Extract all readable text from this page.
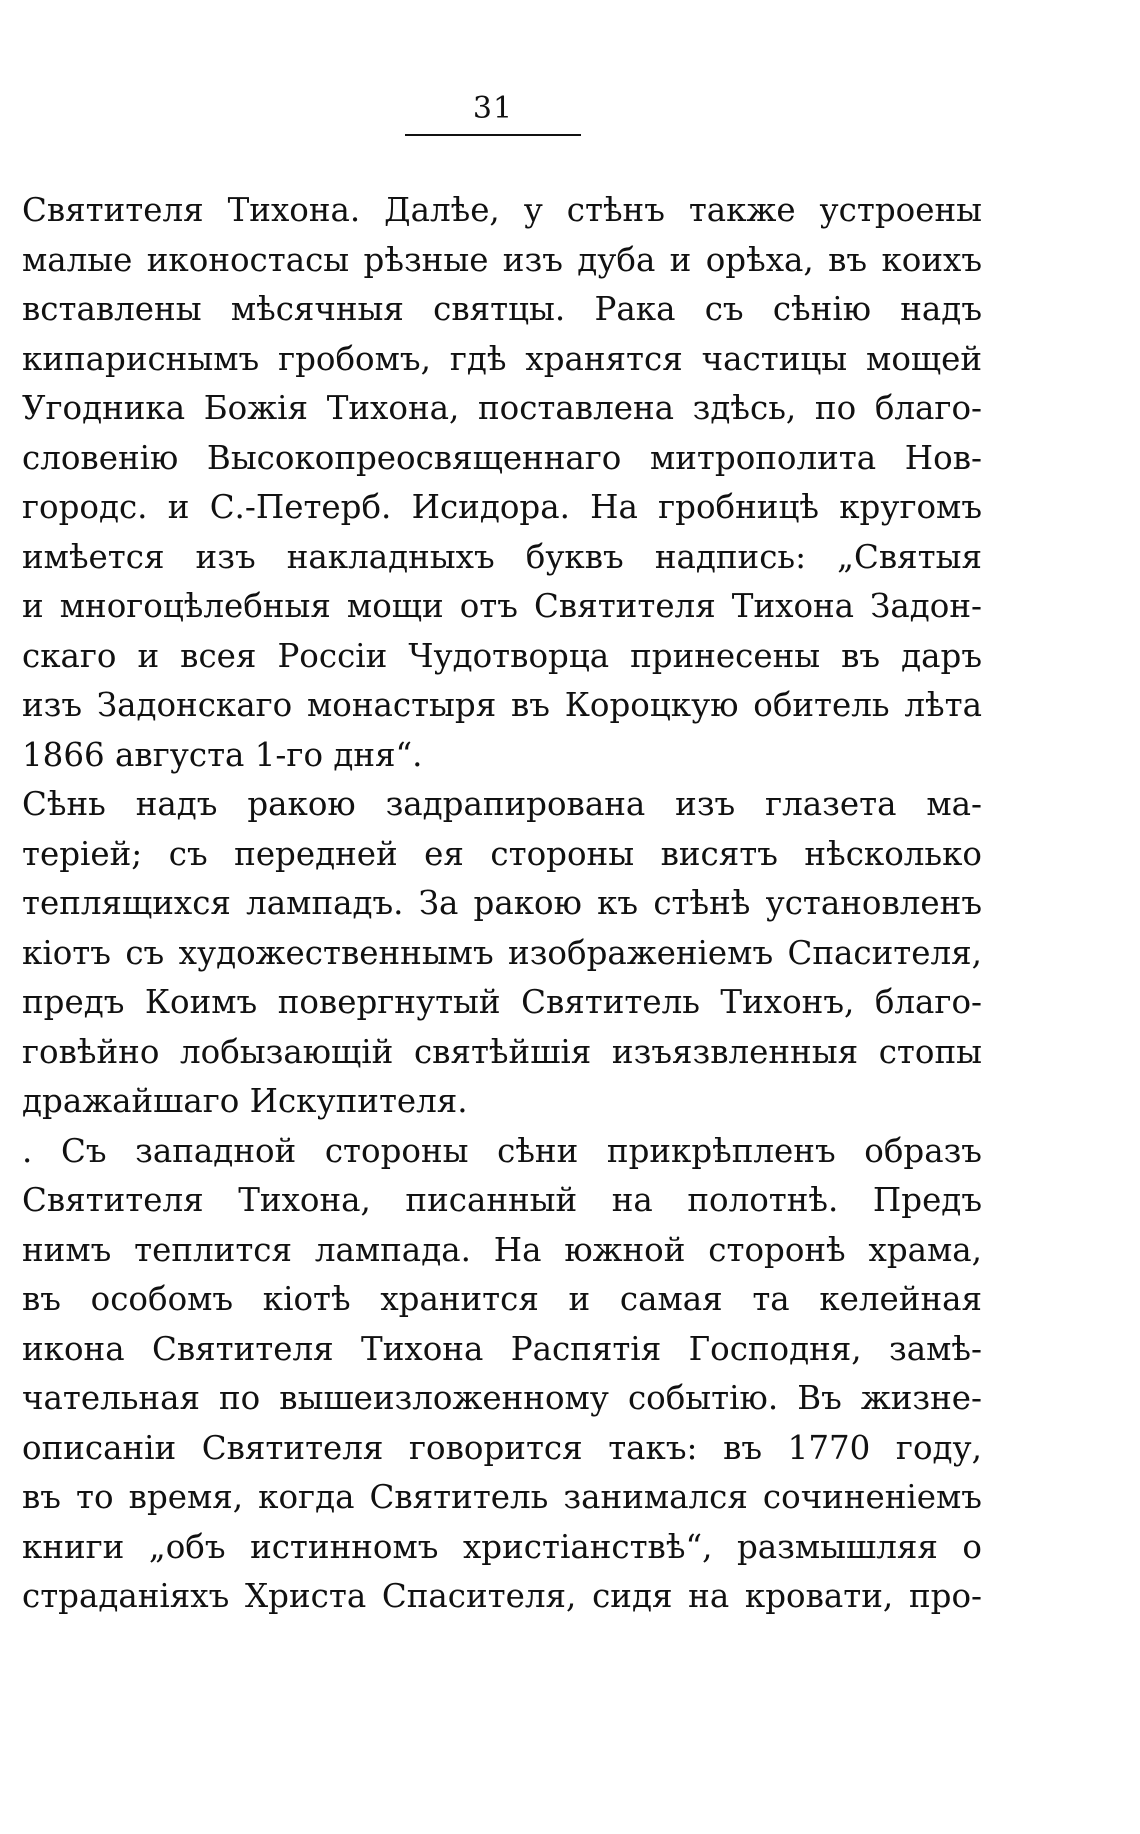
31
Святителя Тихона. Далѣе, у стѣнъ также устроены
малые иконостасы рѣзные изъ дуба и орѣха, въ коихъ
вставлены мѣсячныя святцы. Рака съ сѣнію надъ
кипариснымъ гробомъ, гдѣ хранятся частицы мощей
Угодника Божія Тихона, поставлена здѣсь, по благо-
словенію Высокопреосвященнаго митрополита Нов-
городс. и С.-Петерб. Исидора. На гробницѣ кругомъ
имѣется изъ накладныхъ буквъ надпись: „Святыя
и многоцѣлебныя мощи отъ Святителя Тихона Задон-
скаго и всея Россіи Чудотворца принесены въ даръ
изъ Задонскаго монастыря въ Короцкую обитель лѣта
1866 августа 1-го дня“.
Сѣнь надъ ракою задрапирована изъ глазета ма-
теріей; съ передней ея стороны висятъ нѣсколько
теплящихся лампадъ. За ракою къ стѣнѣ установленъ
кіотъ съ художественнымъ изображеніемъ Спасителя,
предъ Коимъ повергнутый Святитель Тихонъ, благо-
говѣйно лобызающій святѣйшія изъязвленныя стопы
дражайшаго Искупителя.
. Съ западной стороны сѣни прикрѣпленъ образъ
Святителя Тихона, писанный на полотнѣ. Предъ
нимъ теплится лампада. На южной сторонѣ храма,
въ особомъ кіотѣ хранится и самая та келейная
икона Святителя Тихона Распятія Господня, замѣ-
чательная по вышеизложенному событію. Въ жизне-
описаніи Святителя говорится такъ: въ 1770 году,
въ то время, когда Святитель занимался сочиненіемъ
книги „объ истинномъ христіанствѣ“, размышляя о
страданіяхъ Христа Спасителя, сидя на кровати, про-
